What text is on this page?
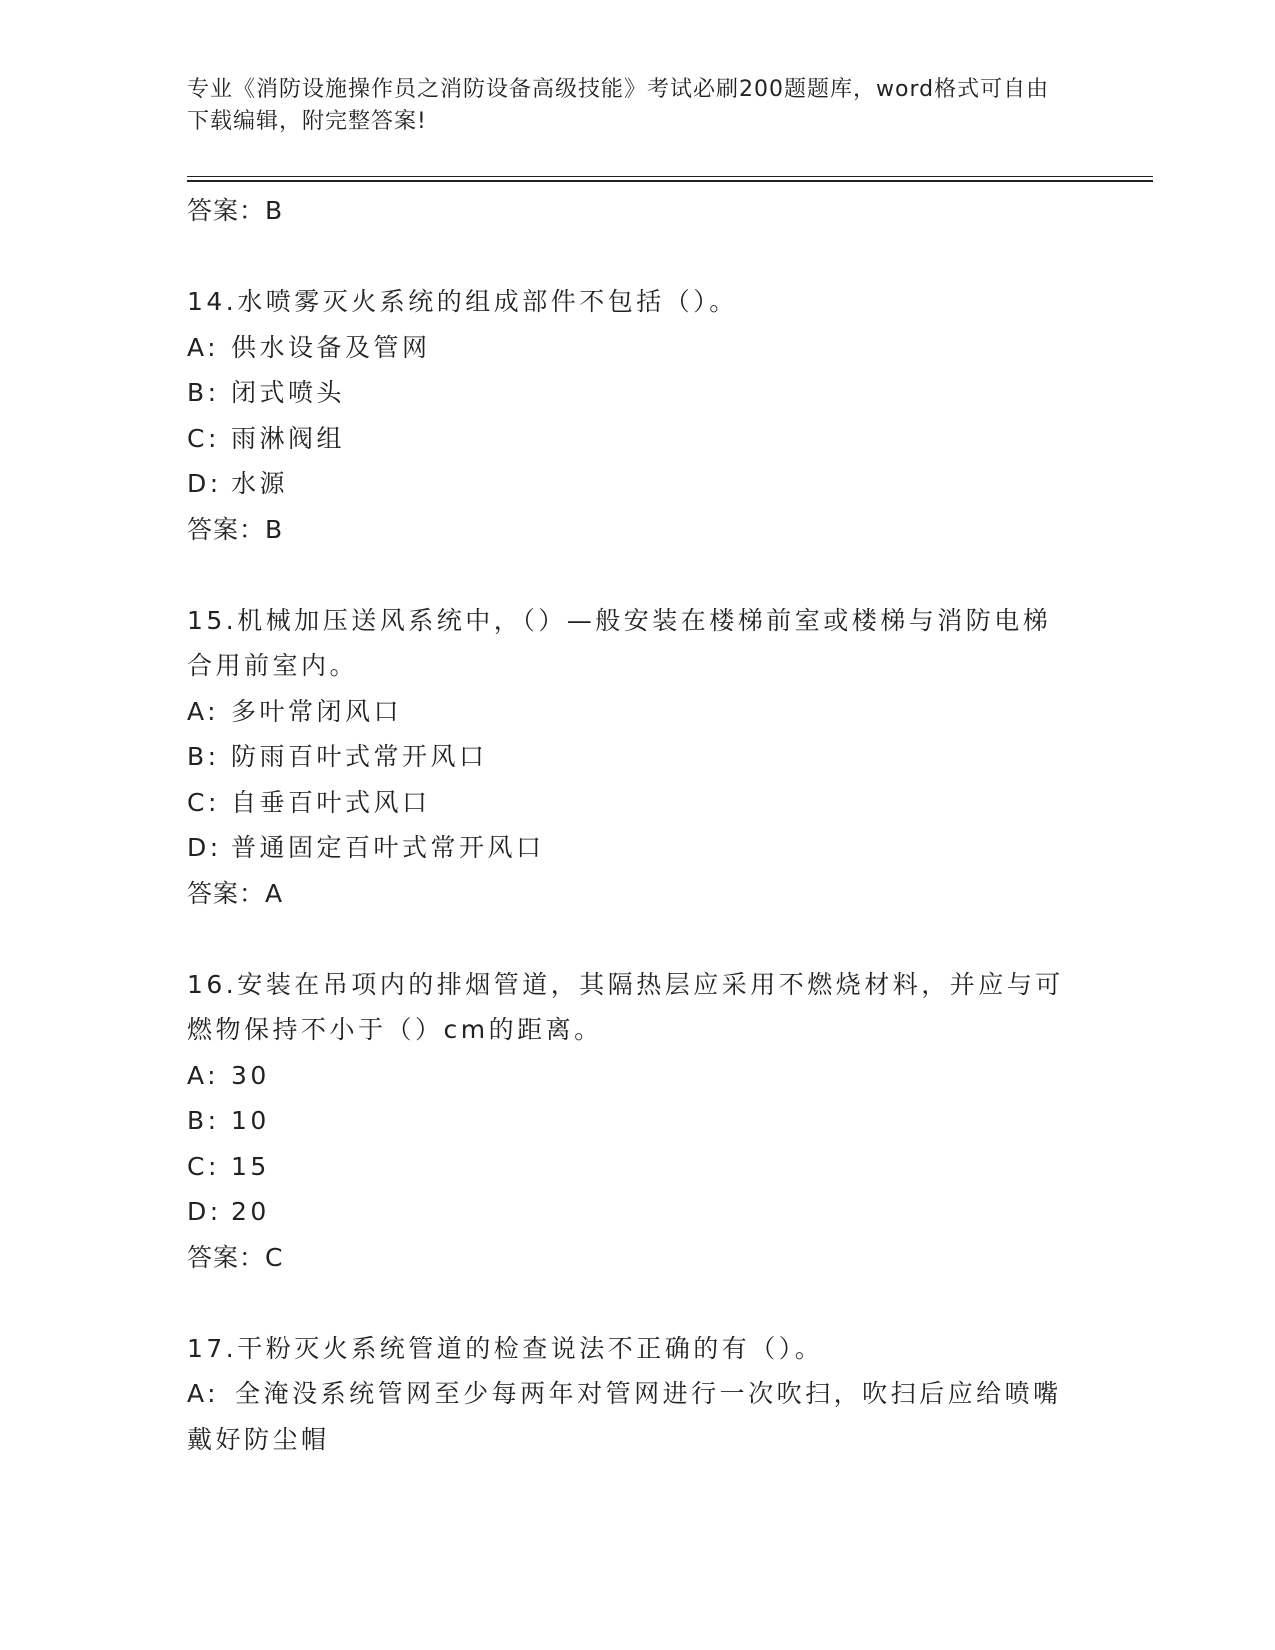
专业《消防设施操作员之消防设备高级技能》考试必刷200题题库，word格式可自由下载编辑，附完整答案!
答案：B
14.水喷雾灭火系统的组成部件不包括（）。
A: 供水设备及管网
B: 闭式喷头
C: 雨淋阀组
D: 水源
答案：B
15.机械加压送风系统中，（）—般安装在楼梯前室或楼梯与消防电梯合用前室内。
A: 多叶常闭风口
B: 防雨百叶式常开风口
C: 自垂百叶式风口
D: 普通固定百叶式常开风口
答案：A
16.安装在吊项内的排烟管道，其隔热层应采用不燃烧材料，并应与可燃物保持不小于（）cm的距离。
A: 30
B: 10
C: 15
D: 20
答案：C
17.干粉灭火系统管道的检查说法不正确的有（）。
A: 全淹没系统管网至少每两年对管网进行一次吹扫，吹扫后应给喷嘴戴好防尘帽
